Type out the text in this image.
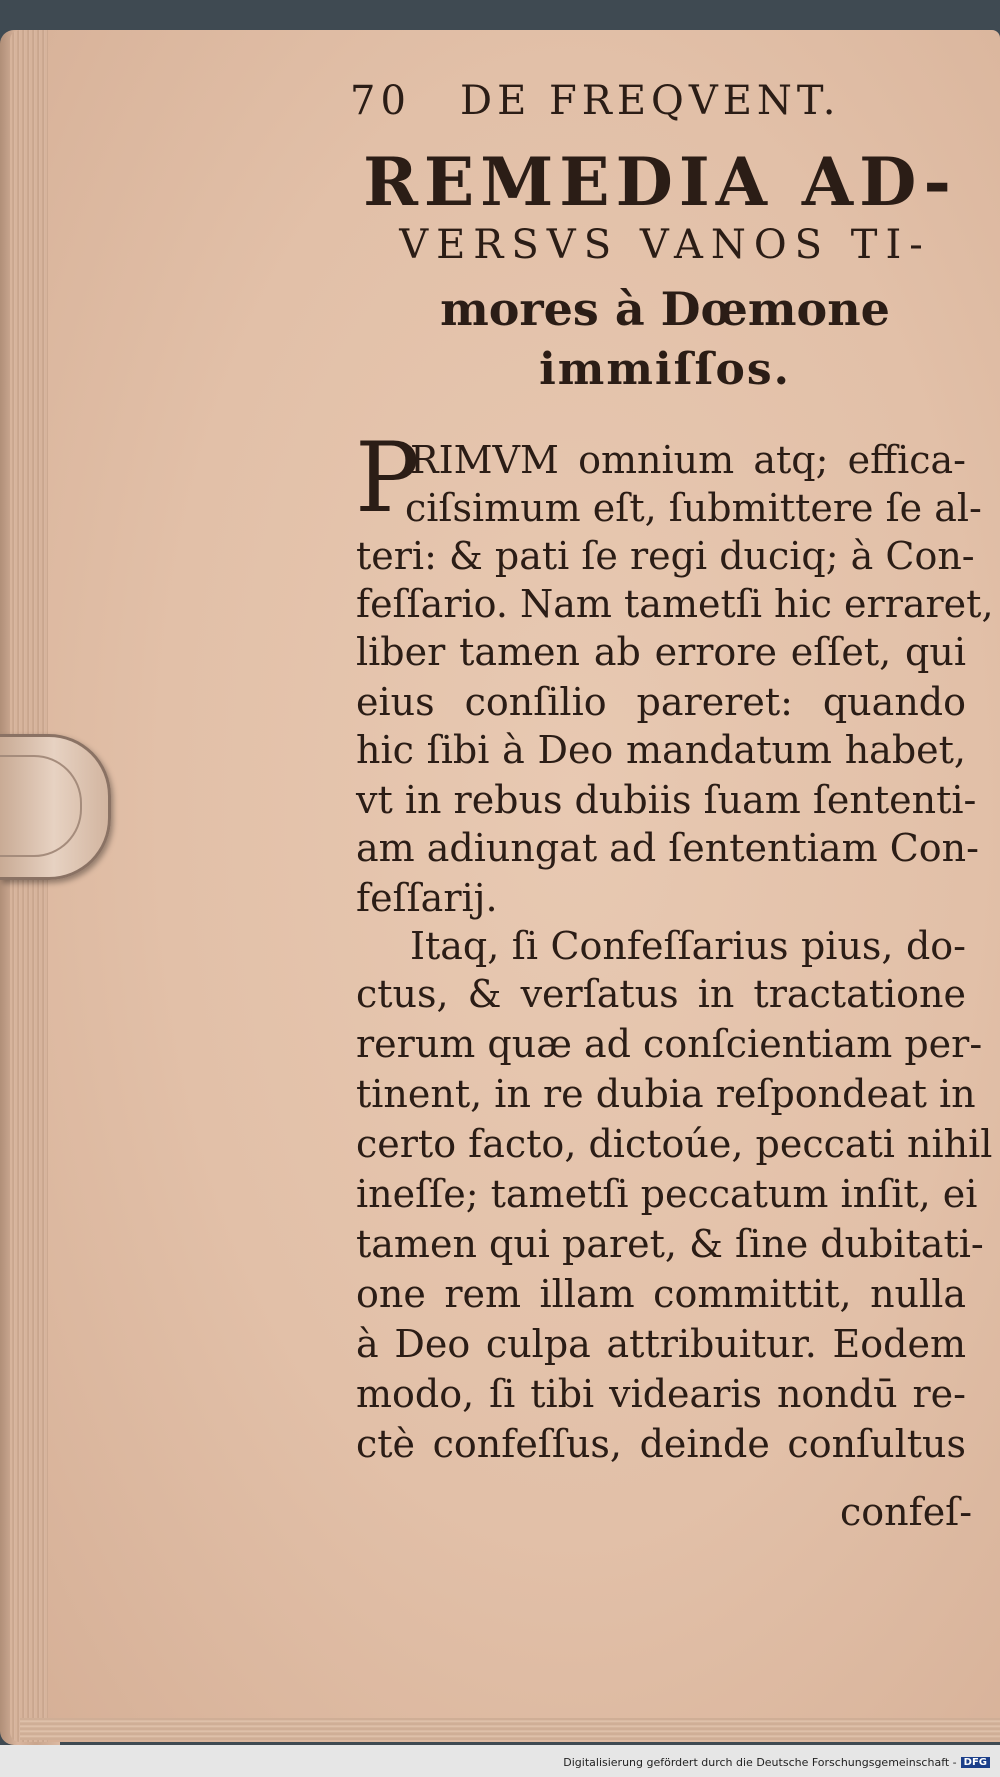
70 DE FREQVENT.
REMEDIA AD-
VERSVS VANOS TI-
mores à Dœmone
immiſſos.
P
RIMVM omnium atq; effica-
ciſsimum eſt, ſubmittere ſe al-
teri: & pati ſe regi duciq; à Con-
feſſario. Nam tametſi hic erraret,
liber tamen ab errore eſſet, qui
eius conſilio pareret: quando
hic ſibi à Deo mandatum habet,
vt in rebus dubiis ſuam ſententi-
am adiungat ad ſententiam Con-
feſſarij.
Itaq, ſi Confeſſarius pius, do-
ctus, & verſatus in tractatione
rerum quæ ad conſcientiam per-
tinent, in re dubia reſpondeat in
certo facto, dictoúe, peccati nihil
ineſſe; tametſi peccatum inſit, ei
tamen qui paret, & ſine dubitati-
one rem illam committit, nulla
à Deo culpa attribuitur. Eodem
modo, ſi tibi videaris nondū re-
ctè confeſſus, deinde conſultus
confeſ-
Digitalisierung gefördert durch die Deutsche Forschungsgemeinschaft - DFG
